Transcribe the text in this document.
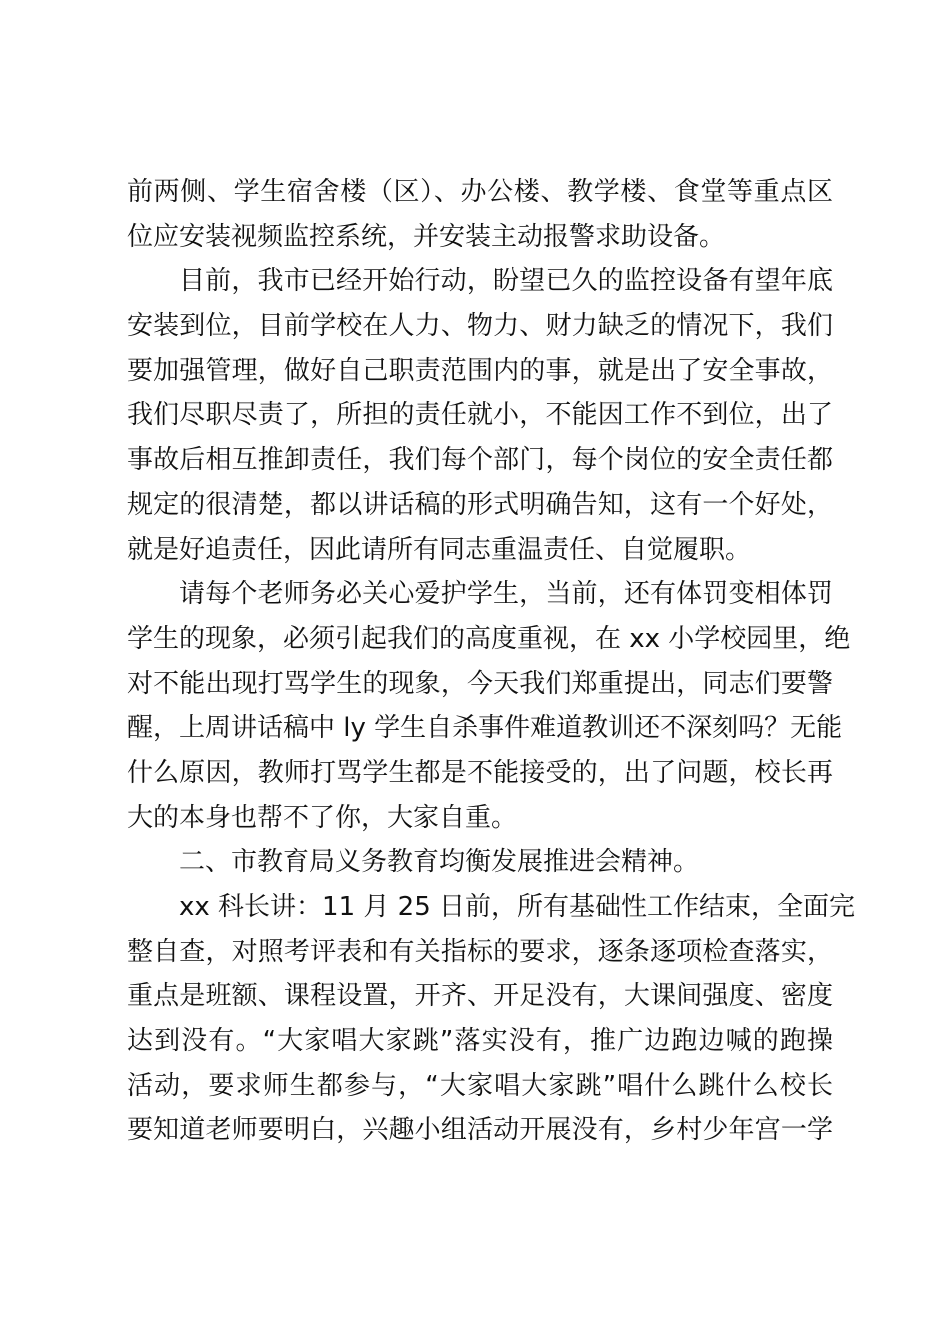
前两侧、学生宿舍楼（区）、办公楼、教学楼、食堂等重点区
位应安装视频监控系统，并安装主动报警求助设备。
目前，我市已经开始行动，盼望已久的监控设备有望年底
安装到位，目前学校在人力、物力、财力缺乏的情况下，我们
要加强管理，做好自己职责范围内的事，就是出了安全事故，
我们尽职尽责了，所担的责任就小，不能因工作不到位，出了
事故后相互推卸责任，我们每个部门，每个岗位的安全责任都
规定的很清楚，都以讲话稿的形式明确告知，这有一个好处，
就是好追责任，因此请所有同志重温责任、自觉履职。
请每个老师务必关心爱护学生，当前，还有体罚变相体罚
学生的现象，必须引起我们的高度重视，在 xx 小学校园里，绝
对不能出现打骂学生的现象，今天我们郑重提出，同志们要警
醒，上周讲话稿中 ly 学生自杀事件难道教训还不深刻吗？无能
什么原因，教师打骂学生都是不能接受的，出了问题，校长再
大的本身也帮不了你，大家自重。
二、市教育局义务教育均衡发展推进会精神。
xx 科长讲：11 月 25 日前，所有基础性工作结束，全面完
整自查，对照考评表和有关指标的要求，逐条逐项检查落实，
重点是班额、课程设置，开齐、开足没有，大课间强度、密度
达到没有。“大家唱大家跳”落实没有，推广边跑边喊的跑操
活动，要求师生都参与，“大家唱大家跳”唱什么跳什么校长
要知道老师要明白，兴趣小组活动开展没有，乡村少年宫一学
